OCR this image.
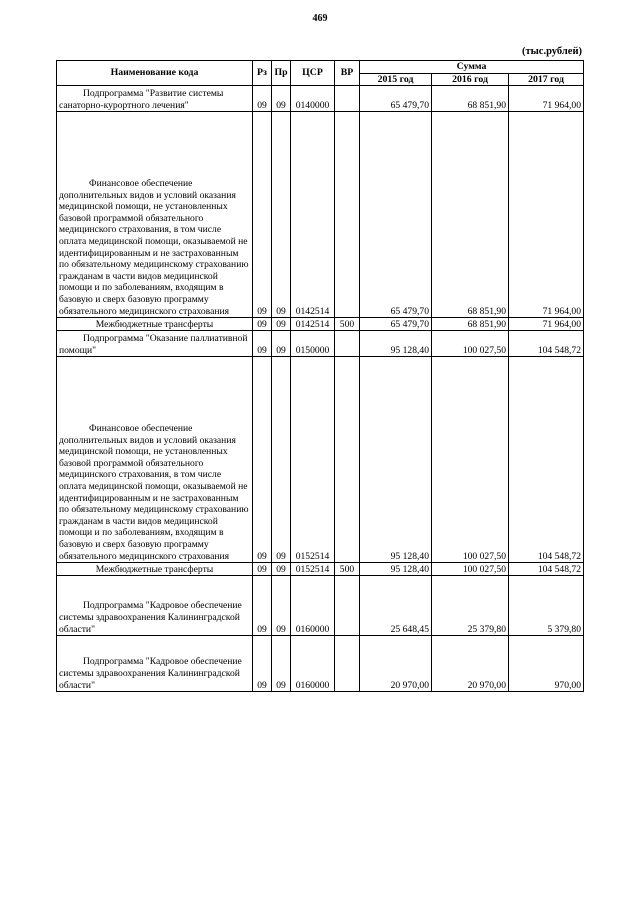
469
(тыс.рублей)
Наименование кода	Рз	Пр	ЦСР	ВР	Сумма		
					2015 год	2016 год	2017 год
Подпрограмма "Развитие системы санаторно-курортного лечения"	09	09	0140000		65 479,70	68 851,90	71 964,00

Финансовое обеспечение
дополнительных видов и условий оказания медицинской помощи, не установленных базовой программой обязательного медицинского страхования, в том числе оплата медицинской помощи, оказываемой не идентифицированным и не застрахованным по обязательному медицинскому страхованию гражданам в части видов медицинской помощи и по заболеваниям, входящим в базовую и сверх базовую программу обязательного медицинского страхования	09	09	0142514		65 479,70	68 851,90	71 964,00
Межбюджетные трансферты	09	09	0142514	500	65 479,70	68 851,90	71 964,00
Подпрограмма "Оказание паллиативной помощи"	09	09	0150000		95 128,40	100 027,50	104 548,72

Финансовое обеспечение
дополнительных видов и условий оказания медицинской помощи, не установленных базовой программой обязательного медицинского страхования, в том числе оплата медицинской помощи, оказываемой не идентифицированным и не застрахованным по обязательному медицинскому страхованию гражданам в части видов медицинской помощи и по заболеваниям, входящим в базовую и сверх базовую программу обязательного медицинского страхования	09	09	0152514		95 128,40	100 027,50	104 548,72
Межбюджетные трансферты	09	09	0152514	500	95 128,40	100 027,50	104 548,72
Подпрограмма "Кадровое обеспечение системы здравоохранения Калининградской области"	09	09	0160000		25 648,45	25 379,80	5 379,80
Подпрограмма "Кадровое обеспечение системы здравоохранения Калининградской области"	09	09	0160000		20 970,00	20 970,00	970,00
